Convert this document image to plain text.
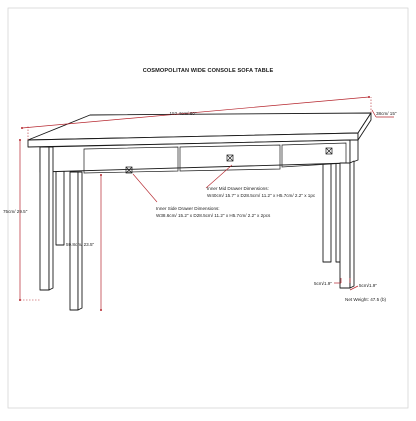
COSMOPOLITAN WIDE CONSOLE SOFA TABLE
152.4cm/ 60"	38cm/ 15"
75cm/ 29.5"
59.8cm/ 23.5"
5cm/1.9"	5cm/1.9"
Inner Mid Drawer Dimensions:
W40cm/ 15.7" x D28.5cm/ 11.2" x H5.7cm/ 2.2" x 1pc
Inner Side Drawer Dimensions:
W38.6cm/ 15.2" x D28.5cm/ 11.2" x H5.7cm/ 2.2" x 2pcs
Net Weight: 47.5 (b)
